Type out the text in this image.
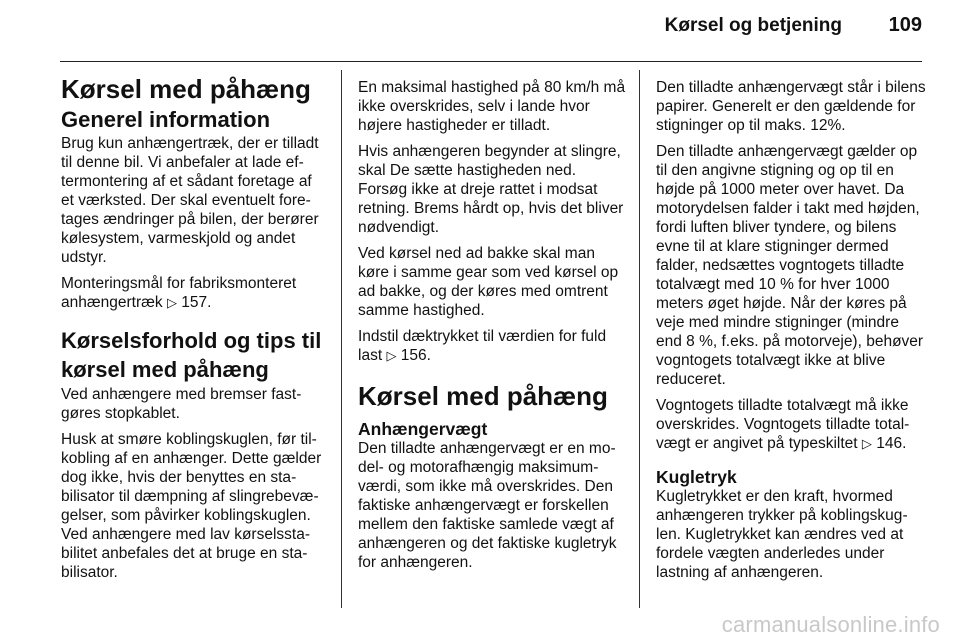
Kørsel og betjening 109
Kørsel med påhæng
Generel information

Brug kun anhængertræk, der er tilladt til denne bil. Vi anbefaler at lade eftermontering af et sådant foretage af et værksted. Der skal eventuelt foretages ændringer på bilen, der berører kølesystem, varmeskjold og andet udstyr.

Monteringsmål for fabriksmonteret anhængertræk ▷ 157.

Kørselsforhold og tips til kørsel med påhæng

Ved anhængere med bremser fastgøres stopkablet.

Husk at smøre koblingskuglen, før tilkobling af en anhænger. Dette gælder dog ikke, hvis der benyttes en stabilisator til dæmpning af slingrebevægelser, som påvirker koblingskuglen. Ved anhængere med lav kørselsstabilitet anbefales det at bruge en stabilisator.

En maksimal hastighed på 80 km/h må ikke overskrides, selv i lande hvor højere hastigheder er tilladt.

Hvis anhængeren begynder at slingre, skal De sætte hastigheden ned. Forsøg ikke at dreje rattet i modsat retning. Brems hårdt op, hvis det bliver nødvendigt.

Ved kørsel ned ad bakke skal man køre i samme gear som ved kørsel op ad bakke, og der køres med omtrent samme hastighed.

Indstil dæktrykket til værdien for fuld last ▷ 156.

Kørsel med påhæng
Anhængervægt

Den tilladte anhængervægt er en model- og motorafhængig maksimumværdi, som ikke må overskrides. Den faktiske anhængervægt er forskellen mellem den faktiske samlede vægt af anhængeren og det faktiske kugletryk for anhængeren.

Den tilladte anhængervægt står i bilens papirer. Generelt er den gældende for stigninger op til maks. 12%.

Den tilladte anhængervægt gælder op til den angivne stigning og op til en højde på 1000 meter over havet. Da motorydelsen falder i takt med højden, fordi luften bliver tyndere, og bilens evne til at klare stigninger dermed falder, nedsættes vogntogets tilladte totalvægt med 10 % for hver 1000 meters øget højde. Når der køres på veje med mindre stigninger (mindre end 8 %, f.eks. på motorveje), behøver vogntogets totalvægt ikke at blive reduceret.

Vogntogets tilladte totalvægt må ikke overskrides. Vogntogets tilladte totalvægt er angivet på typeskiltet ▷ 146.

Kugletryk

Kugletrykket er den kraft, hvormed anhængeren trykker på koblingskuglen. Kugletrykket kan ændres ved at fordele vægten anderledes under lastning af anhængeren.

carmanualsonline.info
